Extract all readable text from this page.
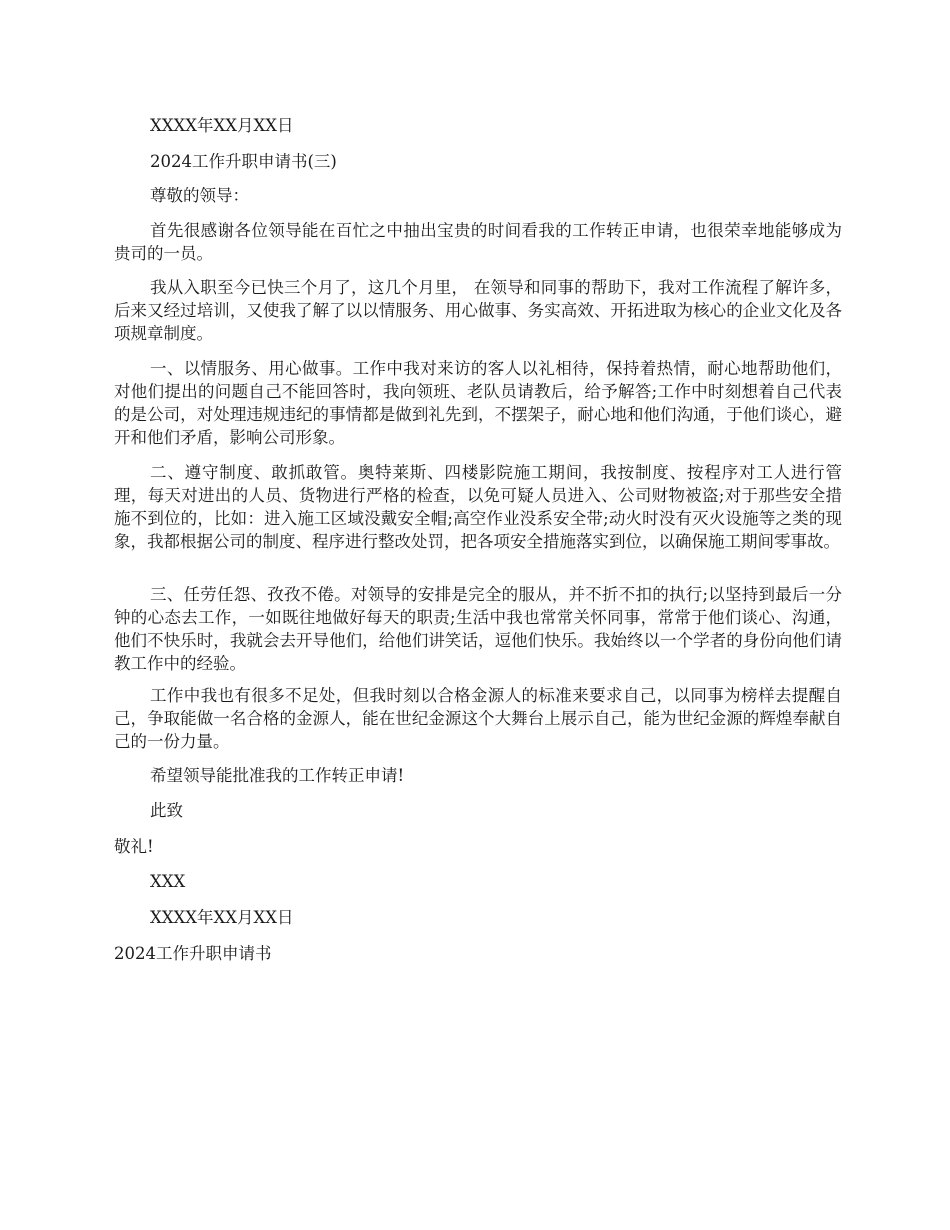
XXXX年XX月XX日
2024工作升职申请书(三)
尊敬的领导：
首先很感谢各位领导能在百忙之中抽出宝贵的时间看我的工作转正申请，也很荣幸地能够成为贵司的一员。
我从入职至今已快三个月了，这几个月里， 在领导和同事的帮助下，我对工作流程了解许多，后来又经过培训，又使我了解了以以情服务、用心做事、务实高效、开拓进取为核心的企业文化及各项规章制度。
一、以情服务、用心做事。工作中我对来访的客人以礼相待，保持着热情，耐心地帮助他们，对他们提出的问题自己不能回答时，我向领班、老队员请教后，给予解答;工作中时刻想着自己代表的是公司，对处理违规违纪的事情都是做到礼先到，不摆架子，耐心地和他们沟通，于他们谈心，避开和他们矛盾，影响公司形象。
二、遵守制度、敢抓敢管。奥特莱斯、四楼影院施工期间，我按制度、按程序对工人进行管理，每天对进出的人员、货物进行严格的检查，以免可疑人员进入、公司财物被盗;对于那些安全措施不到位的，比如：进入施工区域没戴安全帽;高空作业没系安全带;动火时没有灭火设施等之类的现象，我都根据公司的制度、程序进行整改处罚，把各项安全措施落实到位，以确保施工期间零事故。
三、任劳任怨、孜孜不倦。对领导的安排是完全的服从，并不折不扣的执行;以坚持到最后一分钟的心态去工作，一如既往地做好每天的职责;生活中我也常常关怀同事，常常于他们谈心、沟通，他们不快乐时，我就会去开导他们，给他们讲笑话，逗他们快乐。我始终以一个学者的身份向他们请教工作中的经验。
工作中我也有很多不足处，但我时刻以合格金源人的标准来要求自己，以同事为榜样去提醒自己，争取能做一名合格的金源人，能在世纪金源这个大舞台上展示自己，能为世纪金源的辉煌奉献自己的一份力量。
希望领导能批准我的工作转正申请!
此致
敬礼!
XXX
XXXX年XX月XX日
2024工作升职申请书
